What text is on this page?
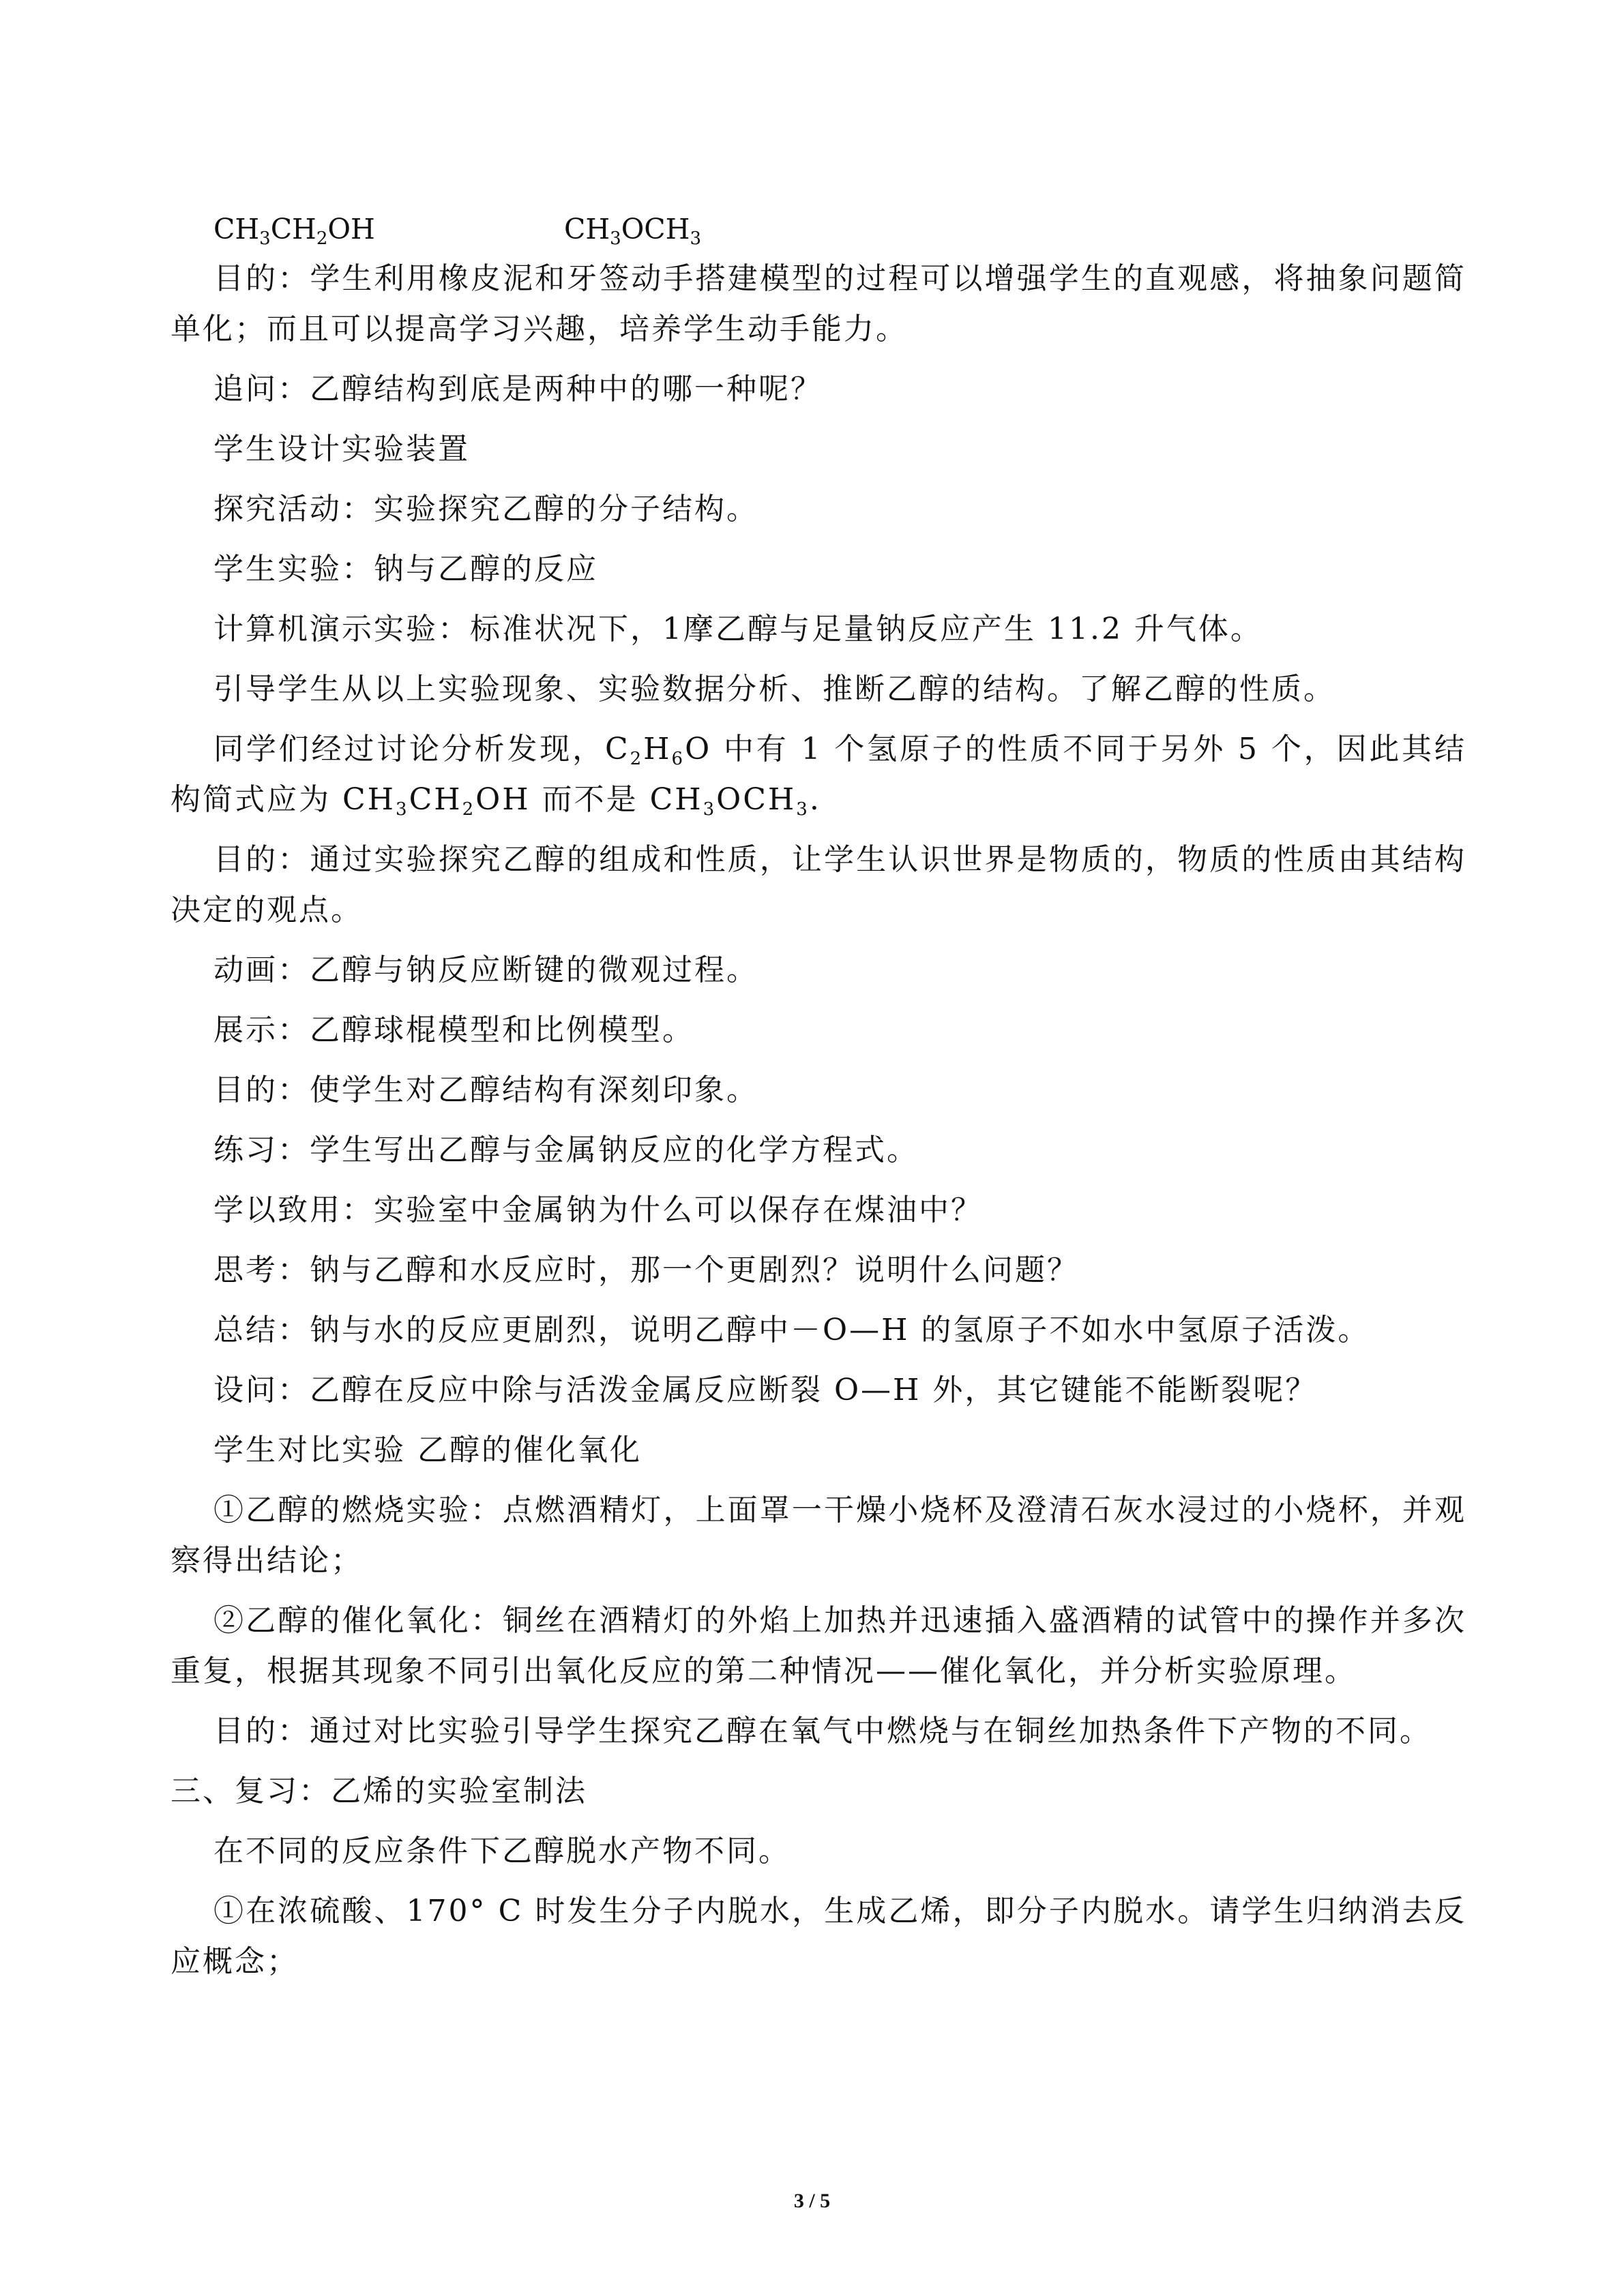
$CH_3CH_2OH$	$CH_3OCH_3$

目的：学生利用橡皮泥和牙签动手搭建模型的过程可以增强学生的直观感，将抽象问题简单化；而且可以提高学习兴趣，培养学生动手能力。

追问：乙醇结构到底是两种中的哪一种呢？

学生设计实验装置

探究活动：实验探究乙醇的分子结构。

学生实验：钠与乙醇的反应

计算机演示实验：标准状况下，1摩乙醇与足量钠反应产生 11.2 升气体。

引导学生从以上实验现象、实验数据分析、推断乙醇的结构。了解乙醇的性质。

同学们经过讨论分析发现，$C_2H_6O$ 中有 1 个氢原子的性质不同于另外 5 个，因此其结构简式应为 $CH_3CH_2OH$ 而不是 $CH_3OCH_3$.

目的：通过实验探究乙醇的组成和性质，让学生认识世界是物质的，物质的性质由其结构决定的观点。

动画：乙醇与钠反应断键的微观过程。

展示：乙醇球棍模型和比例模型。

目的：使学生对乙醇结构有深刻印象。

练习：学生写出乙醇与金属钠反应的化学方程式。

学以致用：实验室中金属钠为什么可以保存在煤油中？

思考：钠与乙醇和水反应时，那一个更剧烈？说明什么问题？

总结：钠与水的反应更剧烈，说明乙醇中－O—H 的氢原子不如水中氢原子活泼。

设问：乙醇在反应中除与活泼金属反应断裂 O—H 外，其它键能不能断裂呢？

学生对比实验 乙醇的催化氧化

①乙醇的燃烧实验：点燃酒精灯，上面罩一干燥小烧杯及澄清石灰水浸过的小烧杯，并观察得出结论；

②乙醇的催化氧化：铜丝在酒精灯的外焰上加热并迅速插入盛酒精的试管中的操作并多次重复，根据其现象不同引出氧化反应的第二种情况——催化氧化，并分析实验原理。

目的：通过对比实验引导学生探究乙醇在氧气中燃烧与在铜丝加热条件下产物的不同。

三、复习：乙烯的实验室制法

在不同的反应条件下乙醇脱水产物不同。

①在浓硫酸、170° C 时发生分子内脱水，生成乙烯，即分子内脱水。请学生归纳消去反应概念；

3 / 5
